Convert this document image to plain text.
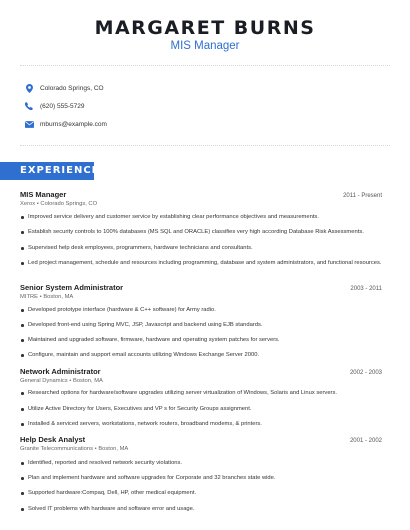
MARGARET BURNS
MIS Manager
Colorado Springs, CO
(620) 555-5729
mburns@example.com
EXPERIENCE
MIS Manager	2011 - Present
Xerox • Colorado Springs, CO
Improved service delivery and customer service by establishing clear performance objectives and measurements.
Establish security controls to 100% databases (MS SQL and ORACLE) classifies very high according Database Risk Assessments.
Supervised help desk employees, programmers, hardware technicians and consultants.
Led project management, schedule and resources including programming, database and system administrators, and functional resources.
Senior System Administrator	2003 - 2011
MITRE • Boston, MA
Developed prototype interface (hardware & C++ software) for Army radio.
Developed front-end using Spring MVC, JSP, Javascript and backend using EJB standards.
Maintained and upgraded software, firmware, hardware and operating system patches for servers.
Configure, maintain and support email accounts utilizing Windows Exchange Server 2000.
Network Administrator	2002 - 2003
General Dynamics • Boston, MA
Researched options for hardware/software upgrades utilizing server virtualization of Windows, Solaris and Linux servers.
Utilize Active Directory for Users, Executives and VP s for Security Groups assignment.
Installed & serviced servers, workstations, network routers, broadband modems, & printers.
Help Desk Analyst	2001 - 2002
Granite Telecommunications • Boston, MA
Identified, reported and resolved network security violations.
Plan and implement hardware and software upgrades for Corporate and 32 branches state wide.
Supported hardware:Compaq, Dell, HP, other medical equipment.
Solved IT problems with hardware and software error and usage.
